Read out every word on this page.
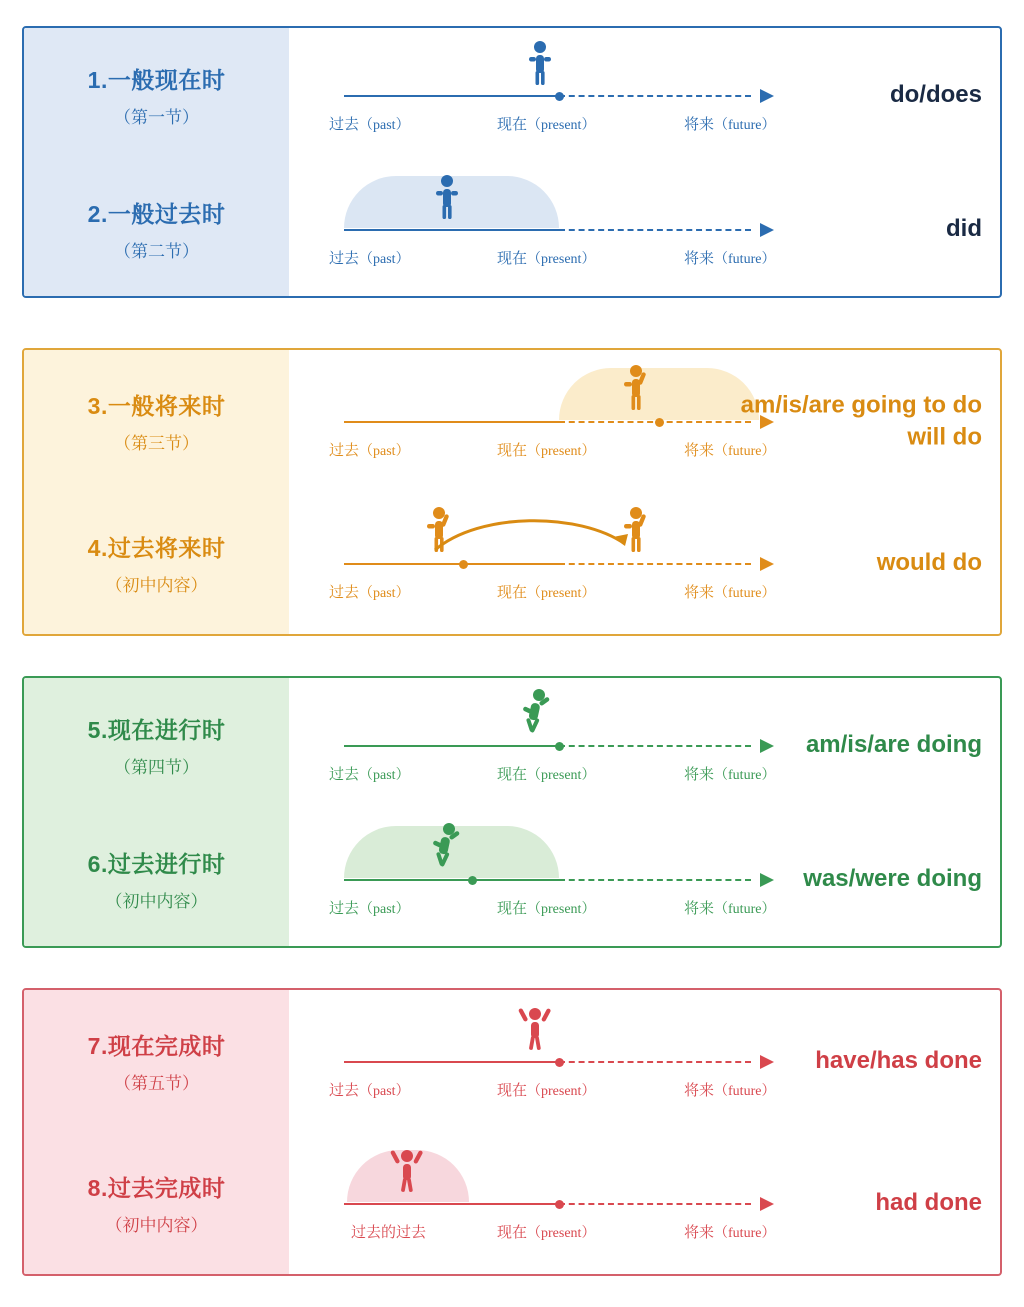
1.一般现在时
（第一节）	过去（past）	现在（present）	将来（future）
do/does
2.一般过去时
（第二节）	过去（past）	现在（present）	将来（future）
did
3.一般将来时
（第三节）	过去（past）	现在（present）	将来（future）
am/is/are going to do
will do
4.过去将来时
（初中内容）	过去（past）	现在（present）	将来（future）
would do
5.现在进行时
（第四节）	过去（past）	现在（present）	将来（future）
am/is/are doing
6.过去进行时
（初中内容）	过去（past）	现在（present）	将来（future）
was/were doing
7.现在完成时
（第五节）	过去（past）	现在（present）	将来（future）
have/has done
8.过去完成时
（初中内容）	过去的过去	现在（present）	将来（future）
had done
